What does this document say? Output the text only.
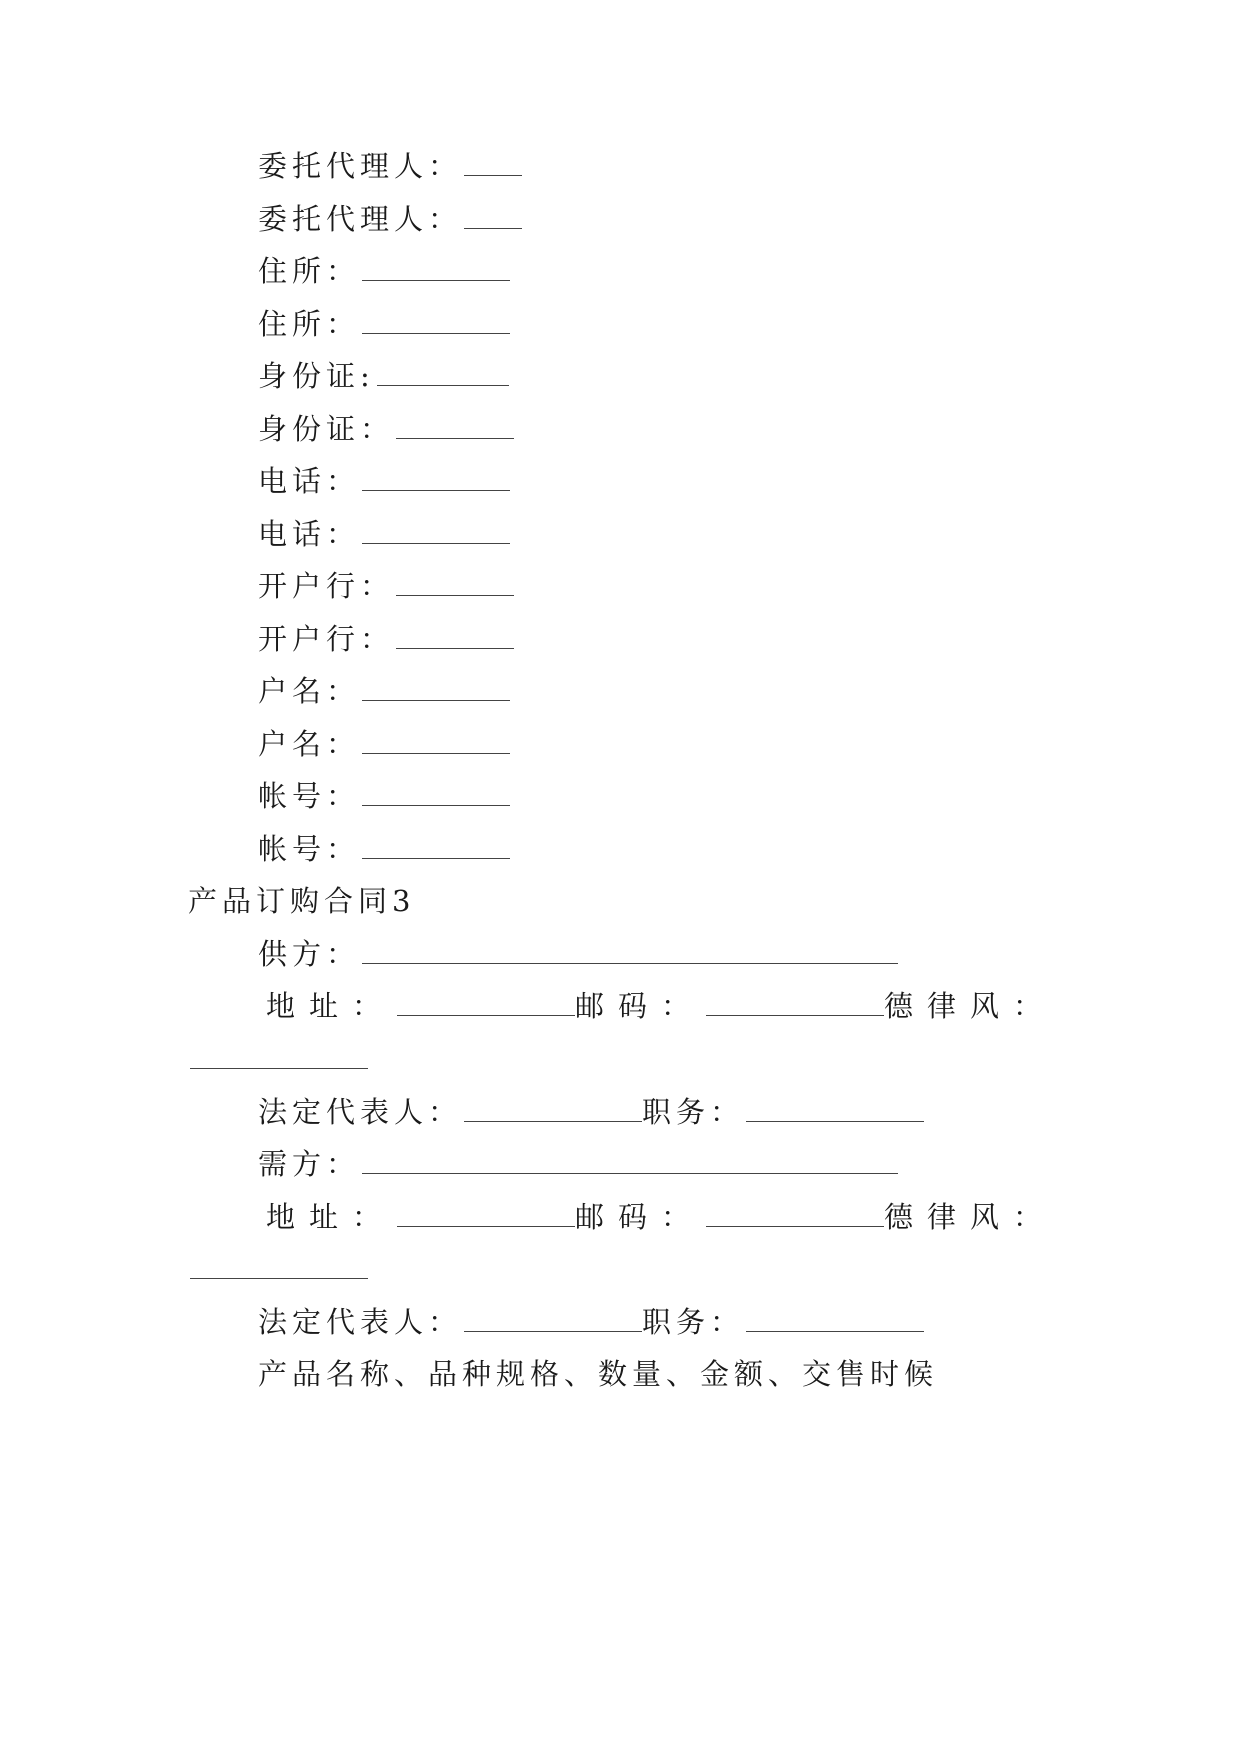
委托代理人：
委托代理人：
住所：
住所：
身份证:
身份证：
电话：
电话：
开户行：
开户行：
户名：
户名：
帐号：
帐号：
产品订购合同3
供方：
地址：	邮码：	德律风：
法定代表人：	职务：
需方：
地址：	邮码：	德律风：
法定代表人：	职务：
产品名称、品种规格、数量、金额、交售时候
